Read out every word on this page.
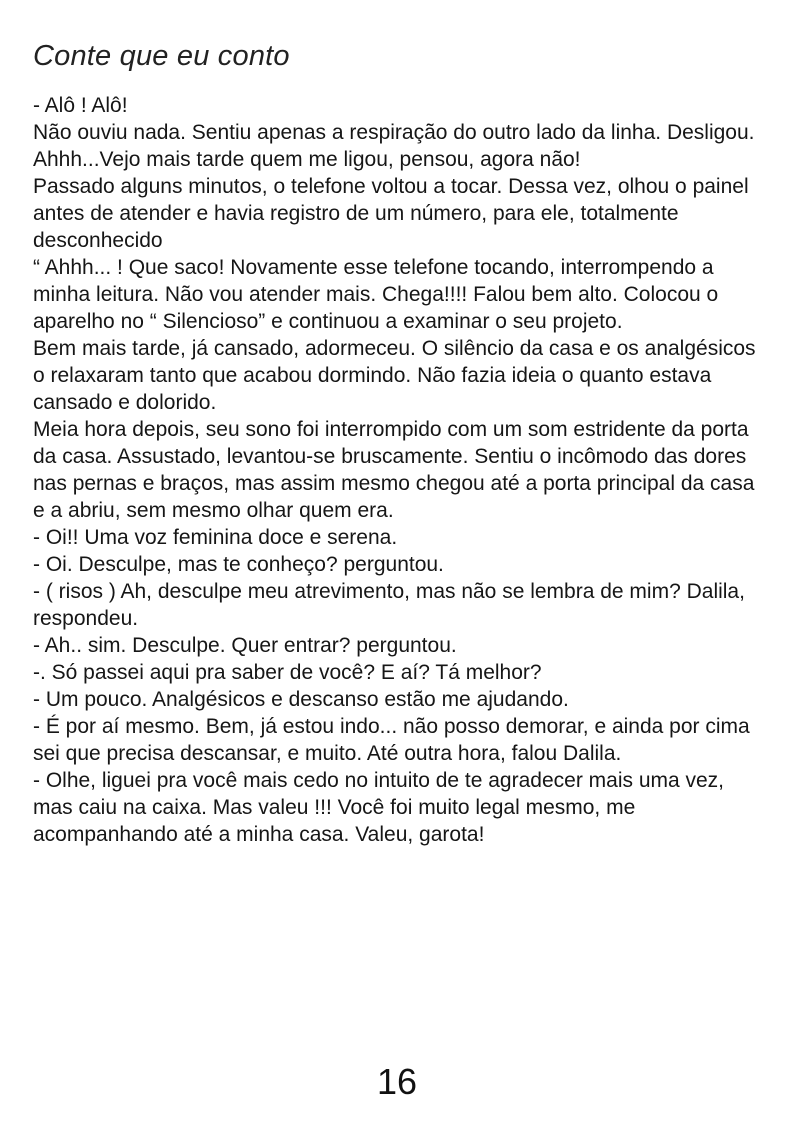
Conte que eu conto

- Alô ! Alô!

Não ouviu nada. Sentiu apenas a respiração do outro lado da linha. Desligou. Ahhh...Vejo mais tarde quem me ligou, pensou, agora não!

Passado alguns minutos, o telefone voltou a tocar. Dessa vez, olhou o painel antes de atender e havia registro de um número, para ele, totalmente desconhecido

“ Ahhh... ! Que saco! Novamente esse telefone tocando, interrompendo a minha leitura. Não vou atender mais. Chega!!!! Falou bem alto. Colocou o aparelho no “ Silencioso” e continuou a examinar o seu projeto.

Bem mais tarde, já cansado, adormeceu. O silêncio da casa e os analgésicos o relaxaram tanto que acabou dormindo. Não fazia ideia o quanto estava cansado e dolorido.

Meia hora depois, seu sono foi interrompido com um som estridente da porta da casa. Assustado, levantou-se bruscamente. Sentiu o incômodo das dores nas pernas e braços, mas assim mesmo chegou até a porta principal da casa e a abriu, sem mesmo olhar quem era.

- Oi!! Uma voz feminina doce e serena.

- Oi. Desculpe, mas te conheço? perguntou.

- ( risos ) Ah, desculpe meu atrevimento, mas não se lembra de mim? Dalila, respondeu.

- Ah.. sim. Desculpe. Quer entrar? perguntou.

-. Só passei aqui pra saber de você? E aí? Tá melhor?

- Um pouco. Analgésicos e descanso estão me ajudando.

- É por aí mesmo. Bem, já estou indo... não posso demorar, e ainda por cima sei que precisa descansar, e muito. Até outra hora, falou Dalila.

- Olhe, liguei pra você mais cedo no intuito de te agradecer mais uma vez, mas caiu na caixa. Mas valeu !!! Você foi muito legal mesmo, me acompanhando até a minha casa. Valeu, garota!

16
